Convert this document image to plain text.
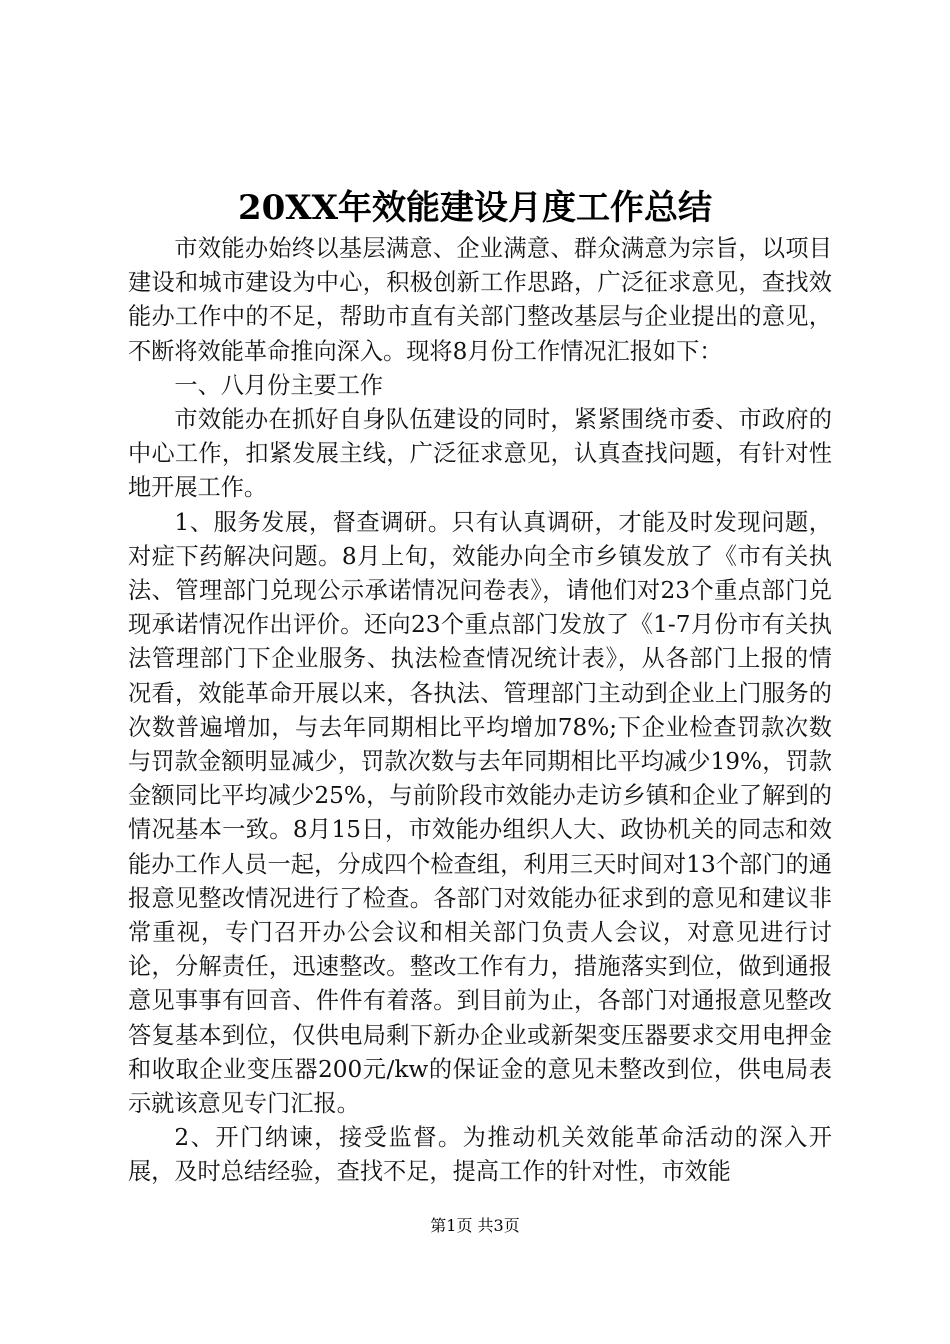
20XX年效能建设月度工作总结

市效能办始终以基层满意、企业满意、群众满意为宗旨，以项目建设和城市建设为中心，积极创新工作思路，广泛征求意见，查找效能办工作中的不足，帮助市直有关部门整改基层与企业提出的意见，不断将效能革命推向深入。现将8月份工作情况汇报如下：

一、八月份主要工作

市效能办在抓好自身队伍建设的同时，紧紧围绕市委、市政府的中心工作，扣紧发展主线，广泛征求意见，认真查找问题，有针对性地开展工作。

1、服务发展，督查调研。只有认真调研，才能及时发现问题，对症下药解决问题。8月上旬，效能办向全市乡镇发放了《市有关执法、管理部门兑现公示承诺情况问卷表》，请他们对23个重点部门兑现承诺情况作出评价。还向23个重点部门发放了《1-7月份市有关执法管理部门下企业服务、执法检查情况统计表》，从各部门上报的情况看，效能革命开展以来，各执法、管理部门主动到企业上门服务的次数普遍增加，与去年同期相比平均增加78%;下企业检查罚款次数与罚款金额明显减少，罚款次数与去年同期相比平均减少19%，罚款金额同比平均减少25%，与前阶段市效能办走访乡镇和企业了解到的情况基本一致。8月15日，市效能办组织人大、政协机关的同志和效能办工作人员一起，分成四个检查组，利用三天时间对13个部门的通报意见整改情况进行了检查。各部门对效能办征求到的意见和建议非常重视，专门召开办公会议和相关部门负责人会议，对意见进行讨论，分解责任，迅速整改。整改工作有力，措施落实到位，做到通报意见事事有回音、件件有着落。到目前为止，各部门对通报意见整改答复基本到位，仅供电局剩下新办企业或新架变压器要求交用电押金和收取企业变压器200元/kw的保证金的意见未整改到位，供电局表示就该意见专门汇报。

2、开门纳谏，接受监督。为推动机关效能革命活动的深入开展，及时总结经验，查找不足，提高工作的针对性，市效能

第1页 共3页
